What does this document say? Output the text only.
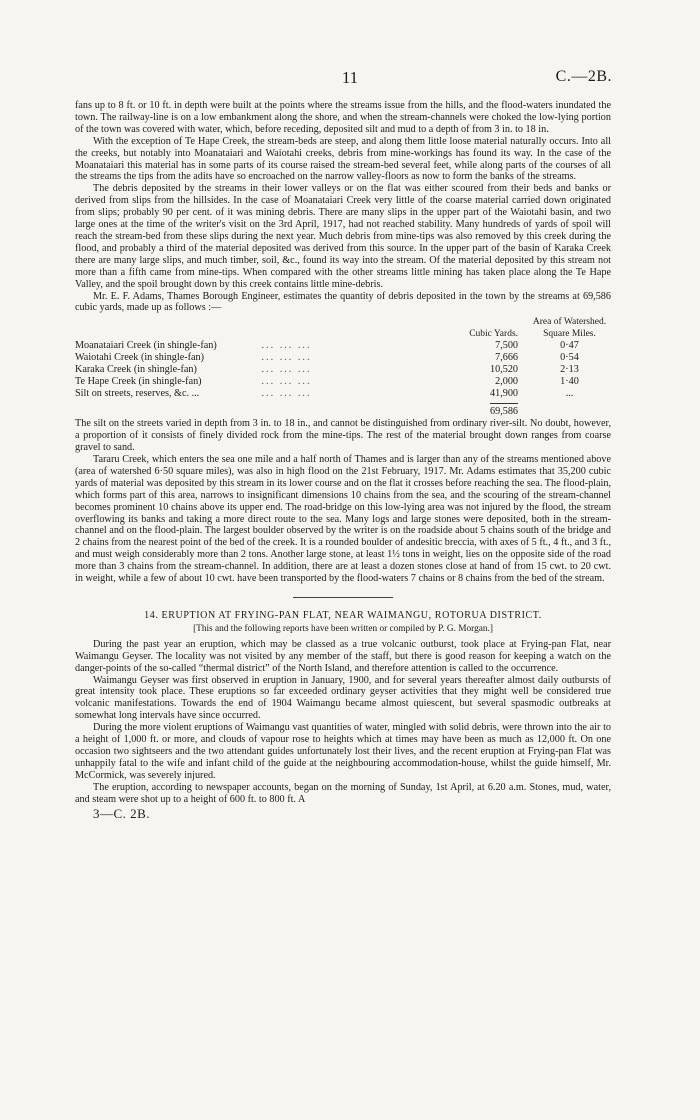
11	C.—2B.

fans up to 8 ft. or 10 ft. in depth were built at the points where the streams issue from the hills, and the flood-waters inundated the town. The railway-line is on a low embankment along the shore, and when the stream-channels were choked the low-lying portion of the town was covered with water, which, before receding, deposited silt and mud to a depth of from 3 in. to 18 in.

With the exception of Te Hape Creek, the stream-beds are steep, and along them little loose material naturally occurs. Into all the creeks, but notably into Moanataiari and Waiotahi creeks, debris from mine-workings has found its way. In the case of the Moanataiari this material has in some parts of its course raised the stream-bed several feet, while along parts of the courses of all the streams the tips from the adits have so encroached on the narrow valley-floors as now to form the banks of the streams.

The debris deposited by the streams in their lower valleys or on the flat was either scoured from their beds and banks or derived from slips from the hillsides. In the case of Moanataiari Creek very little of the coarse material carried down originated from slips; probably 90 per cent. of it was mining debris. There are many slips in the upper part of the Waiotahi basin, and two large ones at the time of the writer's visit on the 3rd April, 1917, had not reached stability. Many hundreds of yards of spoil will reach the stream-bed from these slips during the next year. Much debris from mine-tips was also removed by this creek during the flood, and probably a third of the material deposited was derived from this source. In the upper part of the basin of Karaka Creek there are many large slips, and much timber, soil, &c., found its way into the stream. Of the material deposited by this stream not more than a fifth came from mine-tips. When compared with the other streams little mining has taken place along the Te Hape Valley, and the spoil brought down by this creek contains little mine-debris.

Mr. E. F. Adams, Thames Borough Engineer, estimates the quantity of debris deposited in the town by the streams at 69,586 cubic yards, made up as follows :—

		Cubic Yards.	Area of Watershed.
Square Miles.
Moanataiari Creek (in shingle-fan)	... ... ...	7,500	0·47
Waiotahi Creek (in shingle-fan)	... ... ...	7,666	0·54
Karaka Creek (in shingle-fan)	... ... ...	10,520	2·13
Te Hape Creek (in shingle-fan)	... ... ...	2,000	1·40
Silt on streets, reserves, &c. ...	... ... ...	41,900	...
		69,586	

The silt on the streets varied in depth from 3 in. to 18 in., and cannot be distinguished from ordinary river-silt. No doubt, however, a proportion of it consists of finely divided rock from the mine-tips. The rest of the material brought down ranges from coarse gravel to sand.

Tararu Creek, which enters the sea one mile and a half north of Thames and is larger than any of the streams mentioned above (area of watershed 6·50 square miles), was also in high flood on the 21st February, 1917. Mr. Adams estimates that 35,200 cubic yards of material was deposited by this stream in its lower course and on the flat it crosses before reaching the sea. The flood-plain, which forms part of this area, narrows to insignificant dimensions 10 chains from the sea, and the scouring of the stream-channel becomes prominent 10 chains above its upper end. The road-bridge on this low-lying area was not injured by the flood, the stream overflowing its banks and taking a more direct route to the sea. Many logs and large stones were deposited, both in the stream-channel and on the flood-plain. The largest boulder observed by the writer is on the roadside about 5 chains south of the bridge and 2 chains from the nearest point of the bed of the creek. It is a rounded boulder of andesitic breccia, with axes of 5 ft., 4 ft., and 3 ft., and must weigh considerably more than 2 tons. Another large stone, at least 1½ tons in weight, lies on the opposite side of the road more than 3 chains from the stream-channel. In addition, there are at least a dozen stones close at hand of from 15 cwt. to 20 cwt. in weight, while a few of about 10 cwt. have been transported by the flood-waters 7 chains or 8 chains from the bed of the stream.

14. ERUPTION AT FRYING-PAN FLAT, NEAR WAIMANGU, ROTORUA DISTRICT.
[This and the following reports have been written or compiled by P. G. Morgan.]

During the past year an eruption, which may be classed as a true volcanic outburst, took place at Frying-pan Flat, near Waimangu Geyser. The locality was not visited by any member of the staff, but there is good reason for keeping a watch on the danger-points of the so-called “thermal district” of the North Island, and therefore attention is called to the occurrence.

Waimangu Geyser was first observed in eruption in January, 1900, and for several years thereafter almost daily outbursts of great intensity took place. These eruptions so far exceeded ordinary geyser activities that they might well be considered true volcanic manifestations. Towards the end of 1904 Waimangu became almost quiescent, but several spasmodic outbreaks at somewhat long intervals have since occurred.

During the more violent eruptions of Waimangu vast quantities of water, mingled with solid debris, were thrown into the air to a height of 1,000 ft. or more, and clouds of vapour rose to heights which at times may have been as much as 12,000 ft. On one occasion two sightseers and the two attendant guides unfortunately lost their lives, and the recent eruption at Frying-pan Flat was unhappily fatal to the wife and infant child of the guide at the neighbouring accommodation-house, whilst the guide himself, Mr. McCormick, was severely injured.

The eruption, according to newspaper accounts, began on the morning of Sunday, 1st April, at 6.20 a.m. Stones, mud, water, and steam were shot up to a height of 600 ft. to 800 ft. A

3—C. 2B.
